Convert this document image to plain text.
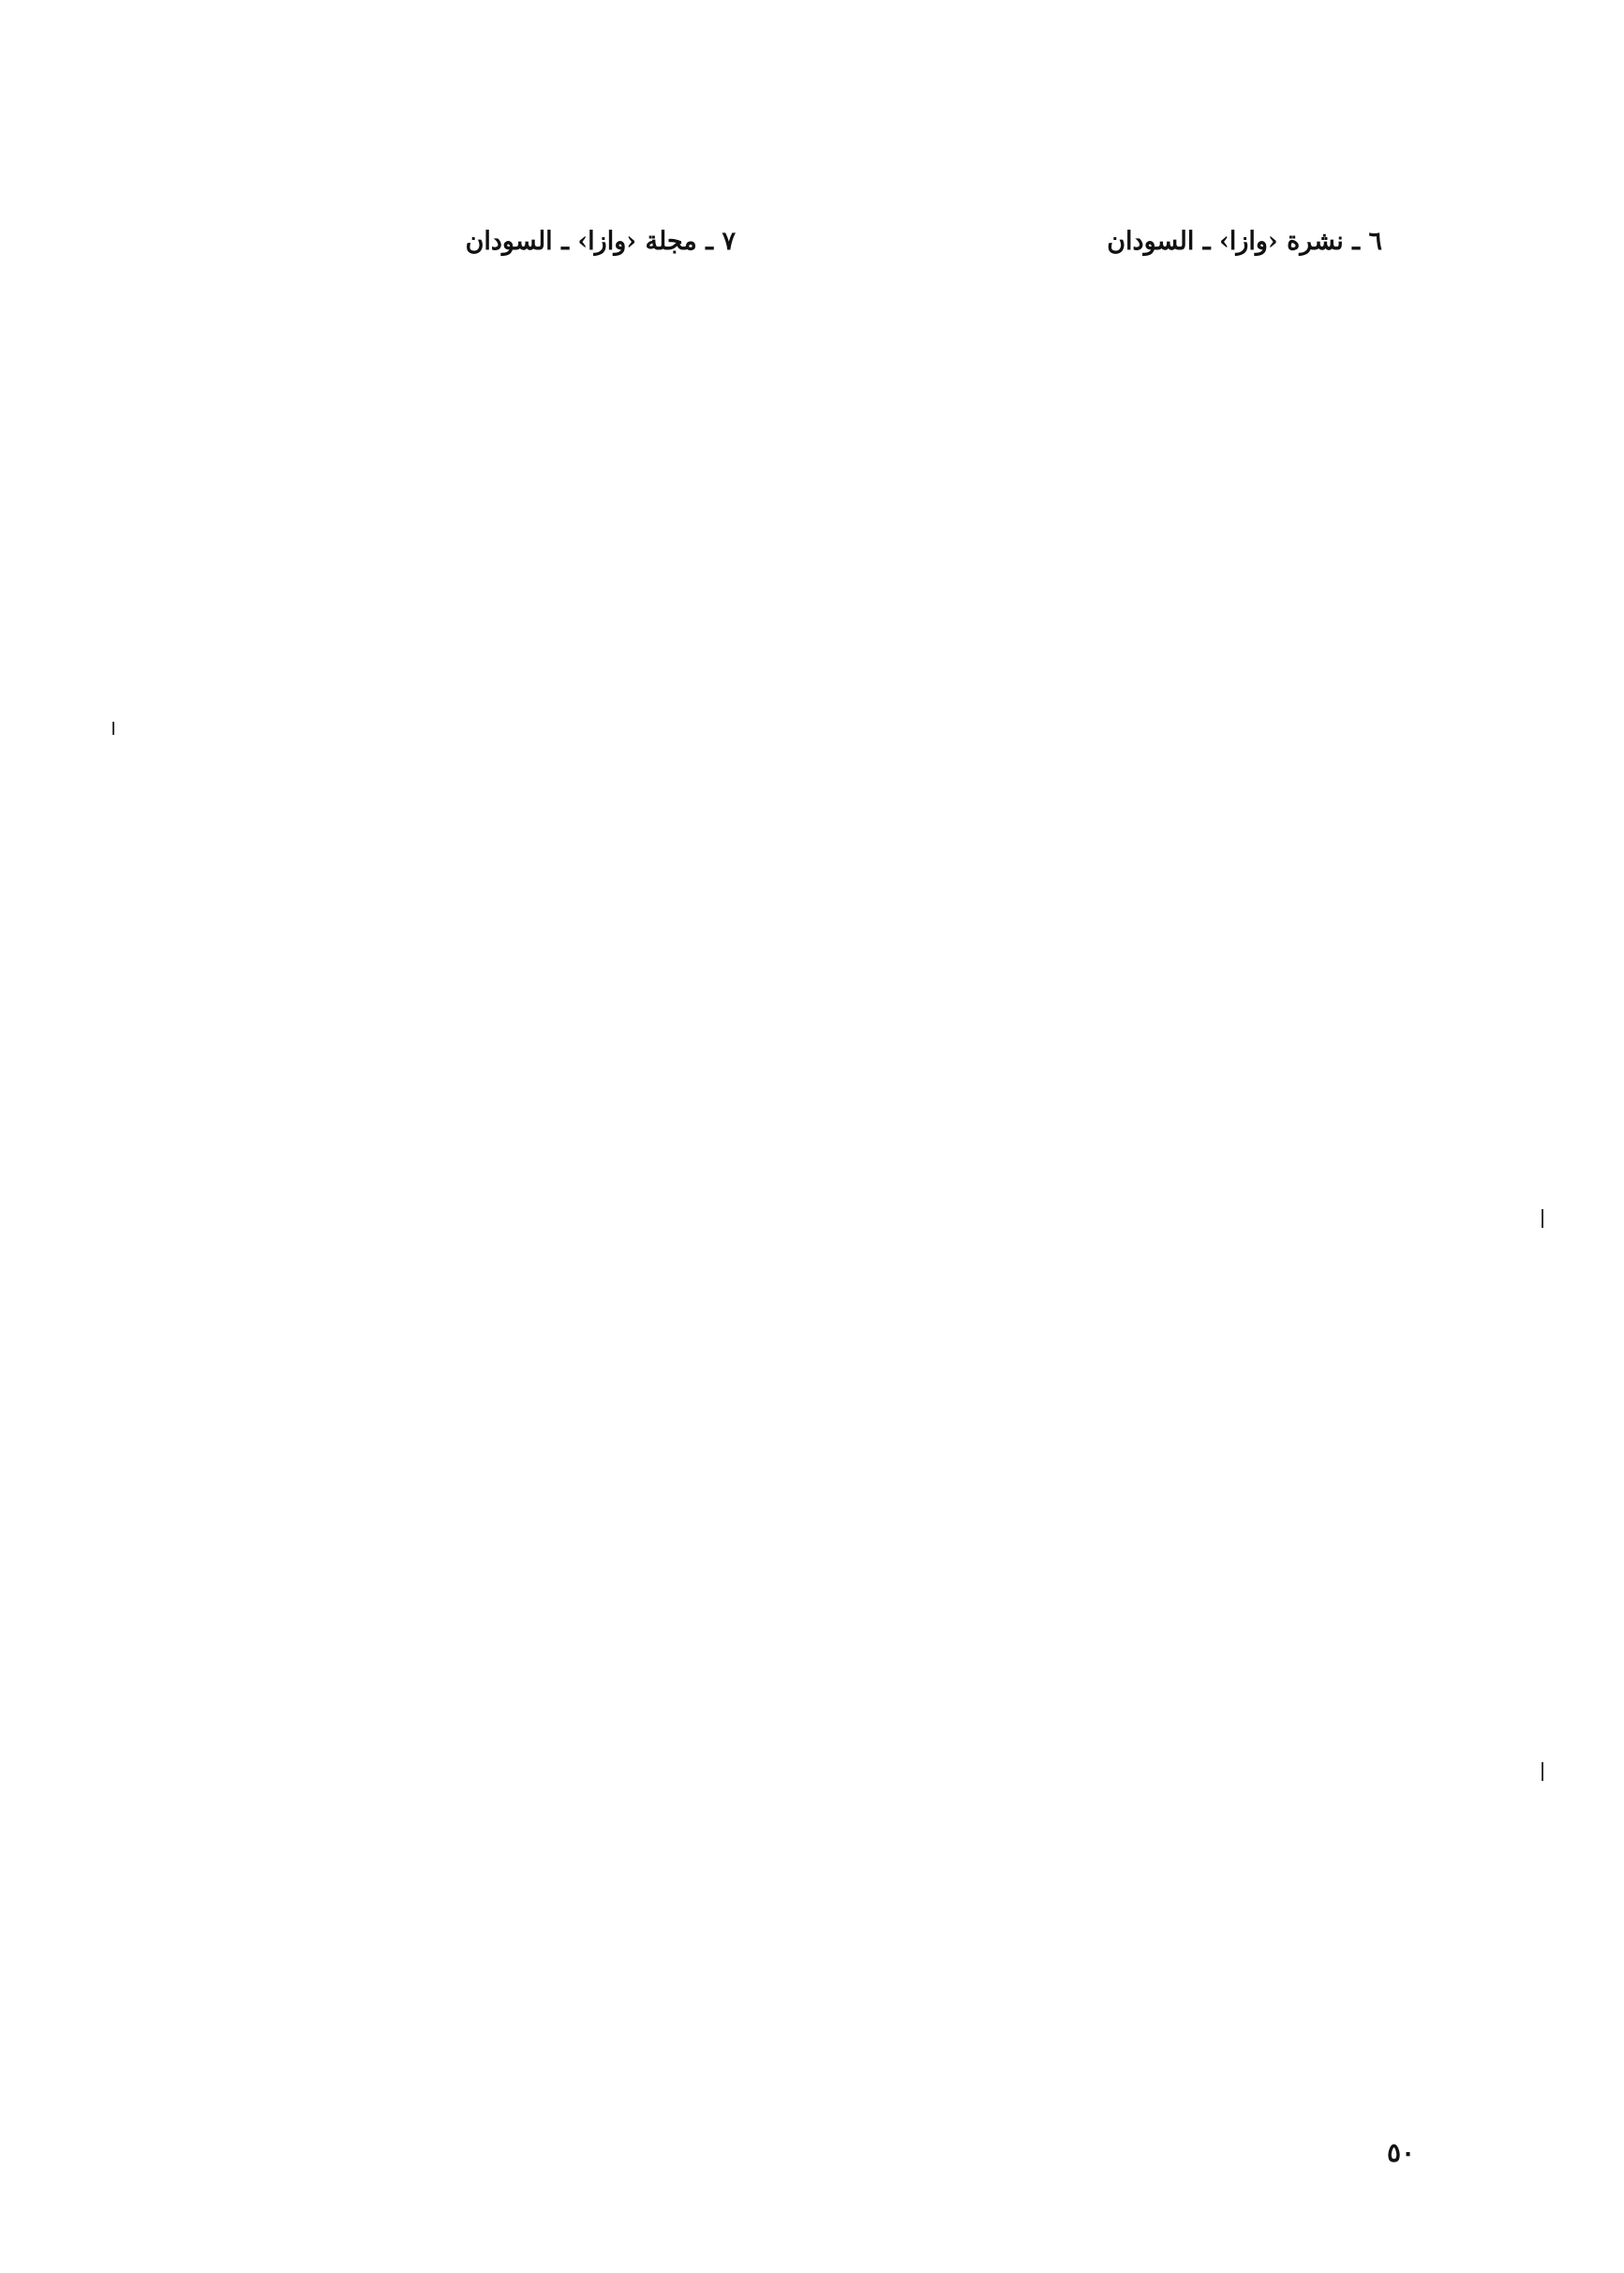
٦ ـ نشرة ‹وازا› ـ السودان

٧ ـ مجلة ‹وازا› ـ السودان

٥٠
